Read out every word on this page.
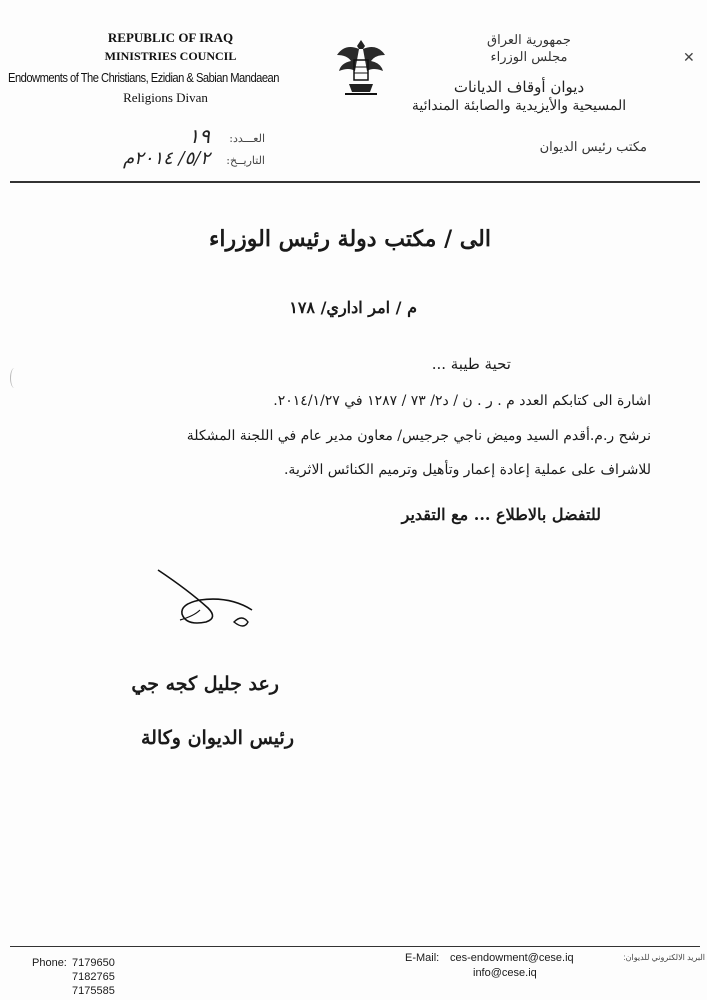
REPUBLIC OF IRAQ
MINISTRIES COUNCIL
Endowments of The Christians, Ezidian & Sabian Mandaean
Religions Divan
جمهورية العراق
مجلس الوزراء
ديوان أوقاف الديانات
المسيحية والأيزيدية والصابئة المندائية
مكتب رئيس الديوان
✕
العـــدد:
١٩
التاريــخ:
٥/٢/ ٢٠١٤م
الى / مكتب دولة رئيس الوزراء
م / امر اداري/ ١٧٨
تحية طيبة ...
اشارة الى كتابكم العدد م . ر . ن / د٢/ ٧٣ / ١٢٨٧ في ٢٠١٤/١/٢٧.
نرشح ر.م.أقدم السيد وميض ناجي جرجيس/ معاون مدير عام في اللجنة المشكلة
للاشراف على عملية إعادة إعمار وتأهيل وترميم الكنائس الاثرية.
للتفضل بالاطلاع ... مع التقدير
رعد جليل كجه جي
رئيس الديوان وكالة
Phone: 7179650
7182765
7175585
E-Mail: ces-endowment@cese.iq
info@cese.iq
البريد الالكتروني للديوان:
